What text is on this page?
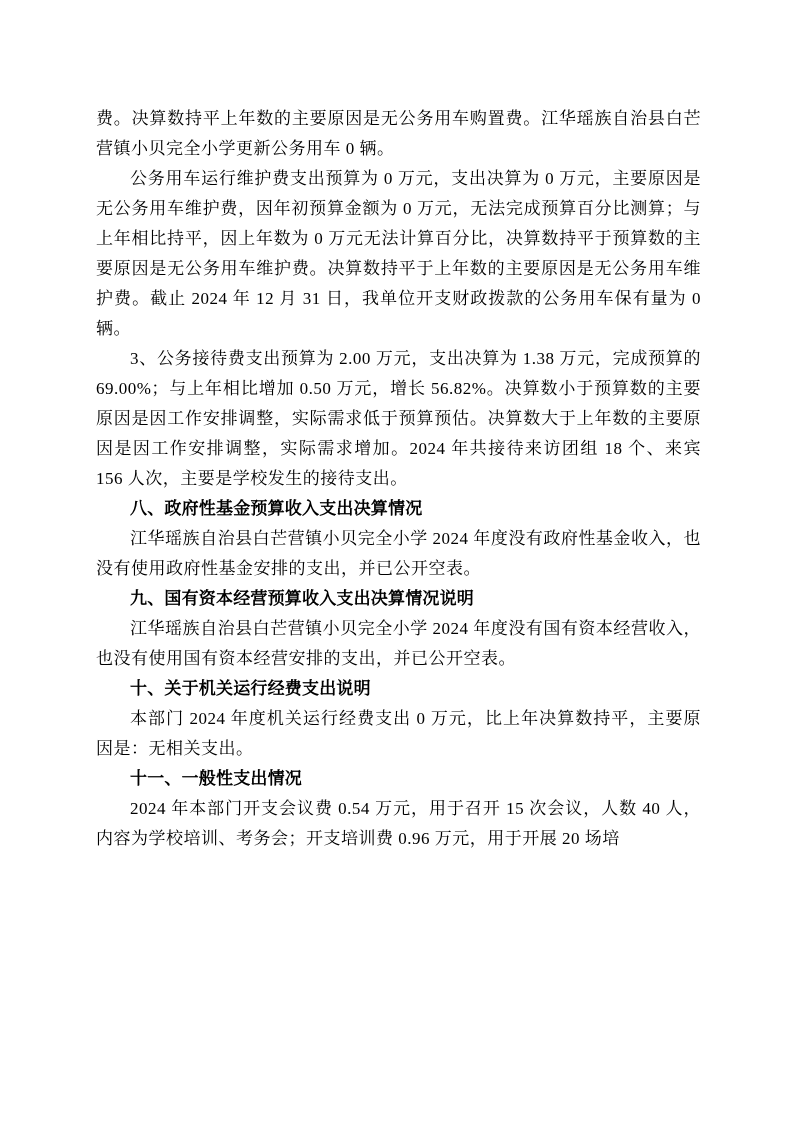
费。决算数持平上年数的主要原因是无公务用车购置费。江华瑶族自治县白芒营镇小贝完全小学更新公务用车 0 辆。

公务用车运行维护费支出预算为 0 万元，支出决算为 0 万元，主要原因是无公务用车维护费，因年初预算金额为 0 万元，无法完成预算百分比测算；与上年相比持平，因上年数为 0 万元无法计算百分比，决算数持平于预算数的主要原因是无公务用车维护费。决算数持平于上年数的主要原因是无公务用车维护费。截止 2024 年 12 月 31 日，我单位开支财政拨款的公务用车保有量为 0 辆。

3、公务接待费支出预算为 2.00 万元，支出决算为 1.38 万元，完成预算的 69.00%；与上年相比增加 0.50 万元，增长 56.82%。决算数小于预算数的主要原因是因工作安排调整，实际需求低于预算预估。决算数大于上年数的主要原因是因工作安排调整，实际需求增加。2024 年共接待来访团组 18 个、来宾 156 人次，主要是学校发生的接待支出。

八、政府性基金预算收入支出决算情况

江华瑶族自治县白芒营镇小贝完全小学 2024 年度没有政府性基金收入，也没有使用政府性基金安排的支出，并已公开空表。

九、国有资本经营预算收入支出决算情况说明

江华瑶族自治县白芒营镇小贝完全小学 2024 年度没有国有资本经营收入，也没有使用国有资本经营安排的支出，并已公开空表。

十、关于机关运行经费支出说明

本部门 2024 年度机关运行经费支出 0 万元，比上年决算数持平，主要原因是：无相关支出。

十一、一般性支出情况

2024 年本部门开支会议费 0.54 万元，用于召开 15 次会议，人数 40 人，内容为学校培训、考务会；开支培训费 0.96 万元，用于开展 20 场培
